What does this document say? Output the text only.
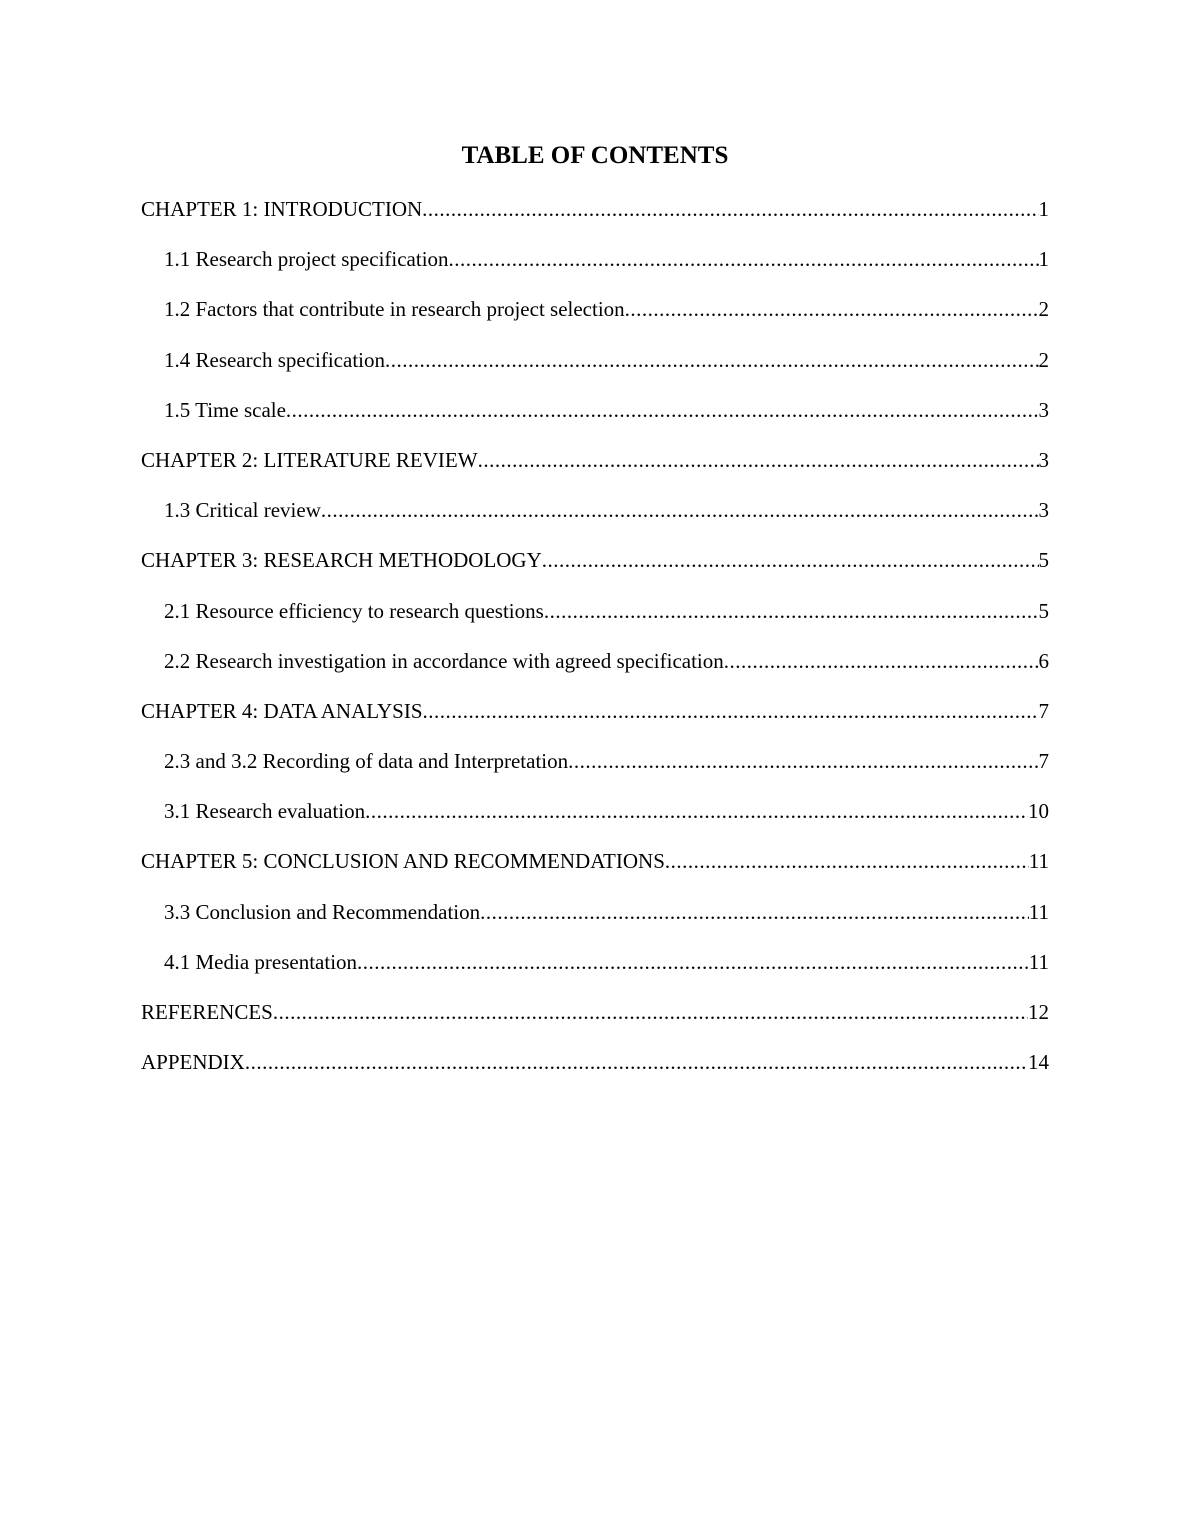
TABLE OF CONTENTS
CHAPTER 1: INTRODUCTION .....	1
1.1 Research project specification .....	1
1.2 Factors that contribute in research project selection .....	2
1.4 Research specification .....	2
1.5 Time scale .....	3
CHAPTER 2: LITERATURE REVIEW .....	3
1.3 Critical review .....	3
CHAPTER 3: RESEARCH METHODOLOGY .....	5
2.1 Resource efficiency to research questions .....	5
2.2 Research investigation in accordance with agreed specification .....	6
CHAPTER 4: DATA ANALYSIS .....	7
2.3 and 3.2 Recording of data and Interpretation .....	7
3.1 Research evaluation .....	10
CHAPTER 5: CONCLUSION AND RECOMMENDATIONS .....	11
3.3 Conclusion and Recommendation .....	11
4.1 Media presentation .....	11
REFERENCES .....	12
APPENDIX .....	14
